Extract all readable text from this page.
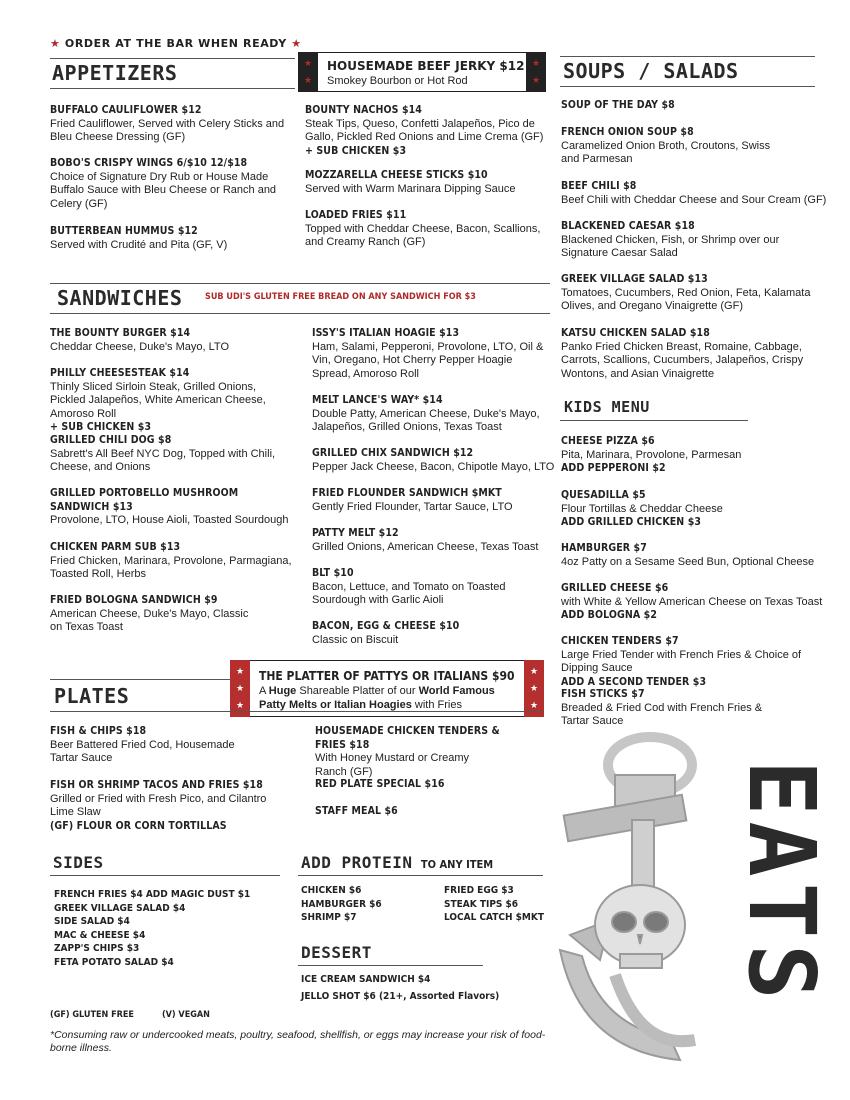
★ ORDER AT THE BAR WHEN READY ★
APPETIZERS
BUFFALO CAULIFLOWER $12
Fried Cauliflower, Served with Celery Sticks and Bleu Cheese Dressing (GF)
BOBO'S CRISPY WINGS 6/$10 12/$18
Choice of Signature Dry Rub or House Made Buffalo Sauce with Bleu Cheese or Ranch and Celery (GF)
BUTTERBEAN HUMMUS $12
Served with Crudité and Pita (GF, V)
★
★
★
★
HOUSEMADE BEEF JERKY $12
Smokey Bourbon or Hot Rod
BOUNTY NACHOS $14
Steak Tips, Queso, Confetti Jalapeños, Pico de Gallo, Pickled Red Onions and Lime Crema (GF)
+ SUB CHICKEN $3
MOZZARELLA CHEESE STICKS $10
Served with Warm Marinara Dipping Sauce
LOADED FRIES $11
Topped with Cheddar Cheese, Bacon, Scallions, and Creamy Ranch (GF)
SOUPS / SALADS
SOUP OF THE DAY $8
FRENCH ONION SOUP $8
Caramelized Onion Broth, Croutons, Swiss and Parmesan
BEEF CHILI $8
Beef Chili with Cheddar Cheese and Sour Cream (GF)
BLACKENED CAESAR $18
Blackened Chicken, Fish, or Shrimp over our Signature Caesar Salad
GREEK VILLAGE SALAD $13
Tomatoes, Cucumbers, Red Onion, Feta, Kalamata Olives, and Oregano Vinaigrette (GF)
KATSU CHICKEN SALAD $18
Panko Fried Chicken Breast, Romaine, Cabbage, Carrots, Scallions, Cucumbers, Jalapeños, Crispy Wontons, and Asian Vinaigrette
KIDS MENU
CHEESE PIZZA $6
Pita, Marinara, Provolone, Parmesan
ADD PEPPERONI $2
QUESADILLA $5
Flour Tortillas & Cheddar Cheese
ADD GRILLED CHICKEN $3
HAMBURGER $7
4oz Patty on a Sesame Seed Bun, Optional Cheese
GRILLED CHEESE $6
with White & Yellow American Cheese on Texas Toast
ADD BOLOGNA $2
CHICKEN TENDERS $7
Large Fried Tender with French Fries & Choice of Dipping Sauce
ADD A SECOND TENDER $3
FISH STICKS $7
Breaded & Fried Cod with French Fries & Tartar Sauce
SANDWICHES	SUB UDI'S GLUTEN FREE BREAD ON ANY SANDWICH FOR $3
THE BOUNTY BURGER $14
Cheddar Cheese, Duke's Mayo, LTO
PHILLY CHEESESTEAK $14
Thinly Sliced Sirloin Steak, Grilled Onions, Pickled Jalapeños, White American Cheese, Amoroso Roll
+ SUB CHICKEN $3
GRILLED CHILI DOG $8
Sabrett's All Beef NYC Dog, Topped with Chili, Cheese, and Onions
GRILLED PORTOBELLO MUSHROOM SANDWICH $13
Provolone, LTO, House Aioli, Toasted Sourdough
CHICKEN PARM SUB $13
Fried Chicken, Marinara, Provolone, Parmagiana, Toasted Roll, Herbs
FRIED BOLOGNA SANDWICH $9
American Cheese, Duke's Mayo, Classic on Texas Toast
ISSY'S ITALIAN HOAGIE $13
Ham, Salami, Pepperoni, Provolone, LTO, Oil & Vin, Oregano, Hot Cherry Pepper Hoagie Spread, Amoroso Roll
MELT LANCE'S WAY* $14
Double Patty, American Cheese, Duke's Mayo, Jalapeños, Grilled Onions, Texas Toast
GRILLED CHIX SANDWICH $12
Pepper Jack Cheese, Bacon, Chipotle Mayo, LTO
FRIED FLOUNDER SANDWICH $MKT
Gently Fried Flounder, Tartar Sauce, LTO
PATTY MELT $12
Grilled Onions, American Cheese, Texas Toast
BLT $10
Bacon, Lettuce, and Tomato on Toasted Sourdough with Garlic Aioli
BACON, EGG & CHEESE $10
Classic on Biscuit
★
★
★
★
★
★
THE PLATTER OF PATTYS OR ITALIANS $90
A Huge Shareable Platter of our World Famous Patty Melts or Italian Hoagies with Fries
PLATES
FISH & CHIPS $18
Beer Battered Fried Cod, Housemade Tartar Sauce
FISH OR SHRIMP TACOS AND FRIES $18
Grilled or Fried with Fresh Pico, and Cilantro Lime Slaw
(GF) FLOUR OR CORN TORTILLAS
HOUSEMADE CHICKEN TENDERS & FRIES $18
With Honey Mustard or Creamy Ranch (GF)
RED PLATE SPECIAL $16
STAFF MEAL $6
SIDES
FRENCH FRIES $4 ADD MAGIC DUST $1
GREEK VILLAGE SALAD $4
SIDE SALAD $4
MAC & CHEESE $4
ZAPP'S CHIPS $3
FETA POTATO SALAD $4
ADD PROTEIN TO ANY ITEM
CHICKEN $6
HAMBURGER $6
SHRIMP $7
FRIED EGG $3
STEAK TIPS $6
LOCAL CATCH $MKT
DESSERT
ICE CREAM SANDWICH $4
JELLO SHOT $6 (21+, Assorted Flavors)
(GF) GLUTEN FREE	(V) VEGAN
*Consuming raw or undercooked meats, poultry, seafood, shellfish, or eggs may increase your risk of food-borne illness.
EATS
